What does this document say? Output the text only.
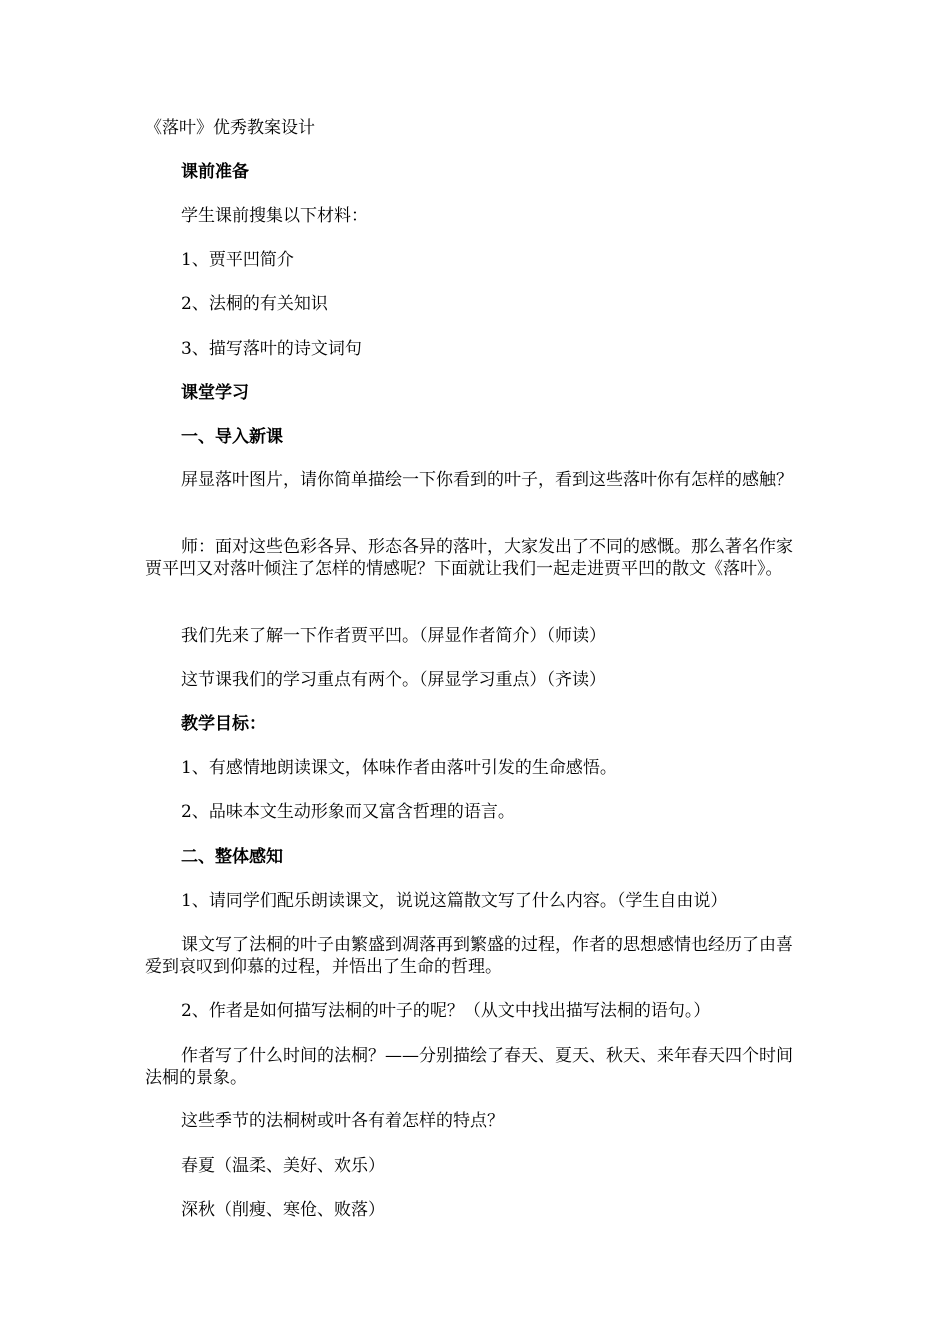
《落叶》优秀教案设计
课前准备
学生课前搜集以下材料：
1、贾平凹简介
2、法桐的有关知识
3、描写落叶的诗文词句
课堂学习
一、导入新课
屏显落叶图片，请你简单描绘一下你看到的叶子，看到这些落叶你有怎样的感触？
师：面对这些色彩各异、形态各异的落叶，大家发出了不同的感慨。那么著名作家贾平凹又对落叶倾注了怎样的情感呢？下面就让我们一起走进贾平凹的散文《落叶》。
我们先来了解一下作者贾平凹。（屏显作者简介）（师读）
这节课我们的学习重点有两个。（屏显学习重点）（齐读）
教学目标：
1、有感情地朗读课文，体味作者由落叶引发的生命感悟。
2、品味本文生动形象而又富含哲理的语言。
二、整体感知
1、请同学们配乐朗读课文，说说这篇散文写了什么内容。（学生自由说）
课文写了法桐的叶子由繁盛到凋落再到繁盛的过程，作者的思想感情也经历了由喜爱到哀叹到仰慕的过程，并悟出了生命的哲理。
2、作者是如何描写法桐的叶子的呢？（从文中找出描写法桐的语句。）
作者写了什么时间的法桐？——分别描绘了春天、夏天、秋天、来年春天四个时间法桐的景象。
这些季节的法桐树或叶各有着怎样的特点？
春夏（温柔、美好、欢乐）
深秋（削瘦、寒伧、败落）
